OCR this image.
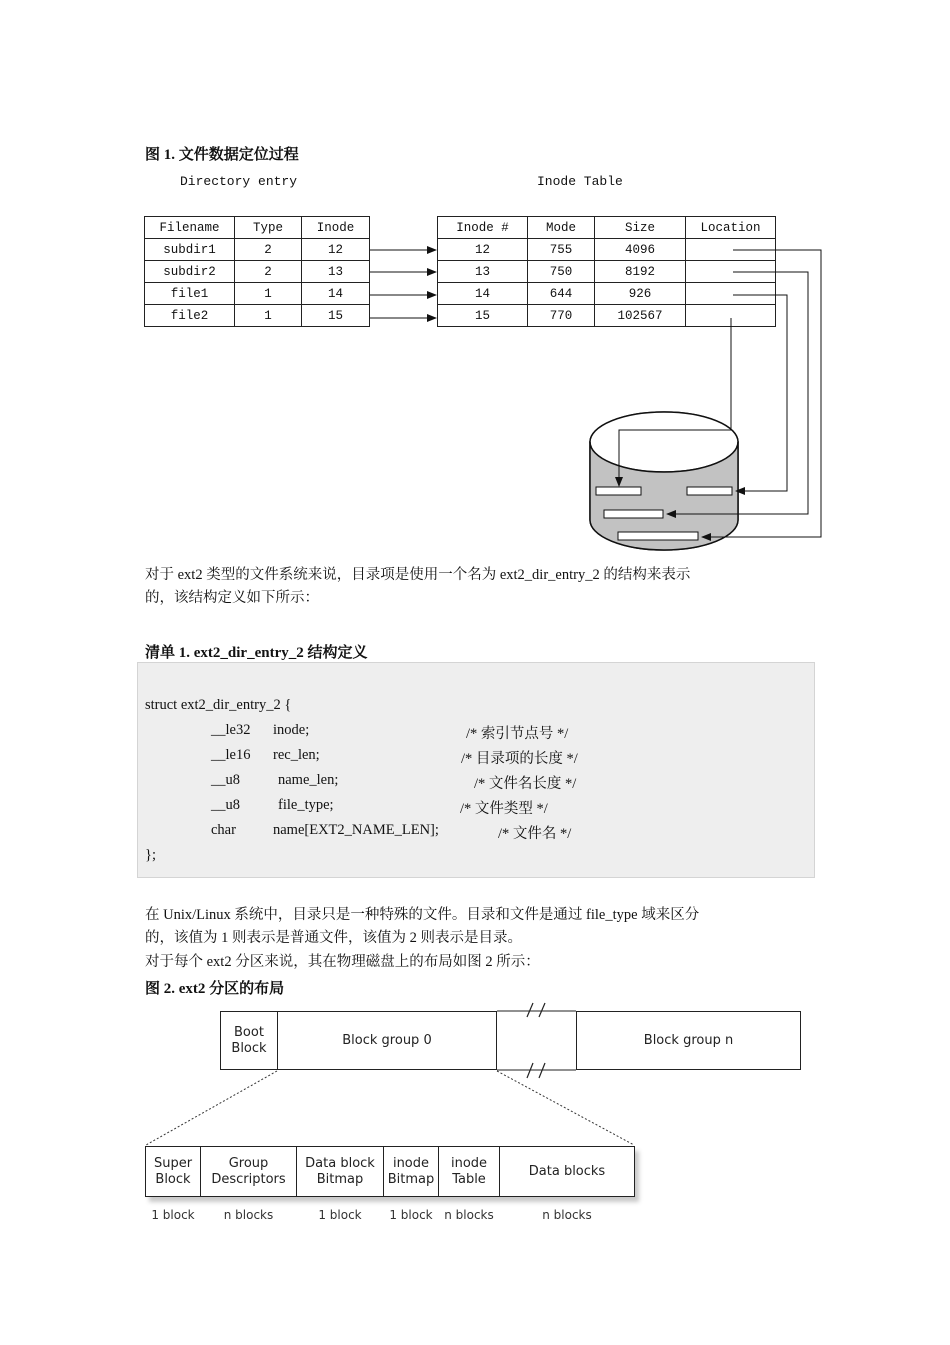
图 1. 文件数据定位过程
Directory entry	Inode Table
Filename	Type	Inode
subdir1	2	12
subdir2	2	13
file1	1	14
file2	1	15
Inode #	Mode	Size	Location
12	755	4096	
13	750	8192	
14	644	926	
15	770	102567	
对于 ext2 类型的文件系统来说，目录项是使用一个名为 ext2_dir_entry_2 的结构来表示
的，该结构定义如下所示：
清单 1. ext2_dir_entry_2 结构定义
struct ext2_dir_entry_2 {
__le32 inode;	/* 索引节点号 */
__le16 rec_len;	/* 目录项的长度 */
__u8	name_len;	/* 文件名长度 */
__u8	file_type;	/* 文件类型 */
char	name[EXT2_NAME_LEN];	/* 文件名 */
};
在 Unix/Linux 系统中，目录只是一种特殊的文件。目录和文件是通过 file_type 域来区分
的，该值为 1 则表示是普通文件，该值为 2 则表示是目录。
对于每个 ext2 分区来说，其在物理磁盘上的布局如图 2 所示：
图 2. ext2 分区的布局
Boot
Block
Block group 0	Block group n
Super
Block
Group
Descriptors
Data block
Bitmap
inode
Bitmap
inode
Table
Data blocks
1 block	n blocks	1 block	1 block n blocks	n blocks
